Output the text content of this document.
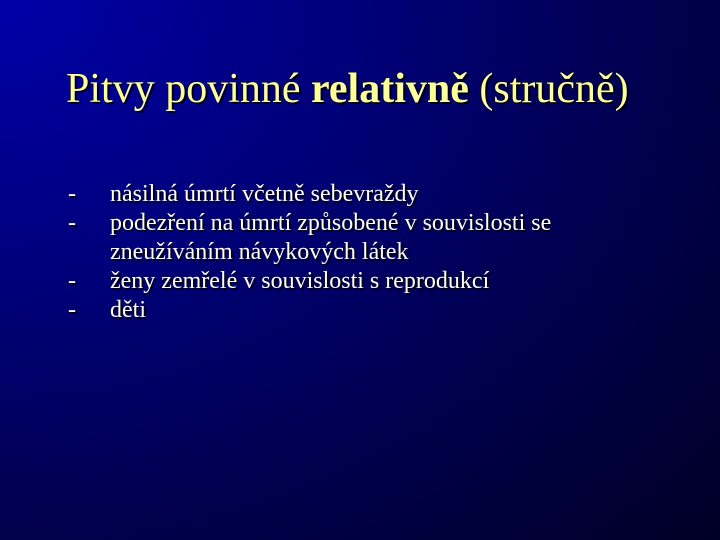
Pitvy povinné relativně (stručně)
- násilná úmrtí včetně sebevraždy
- podezření na úmrtí způsobené v souvislosti se zneužíváním návykových látek
- ženy zemřelé v souvislosti s reprodukcí
- děti
